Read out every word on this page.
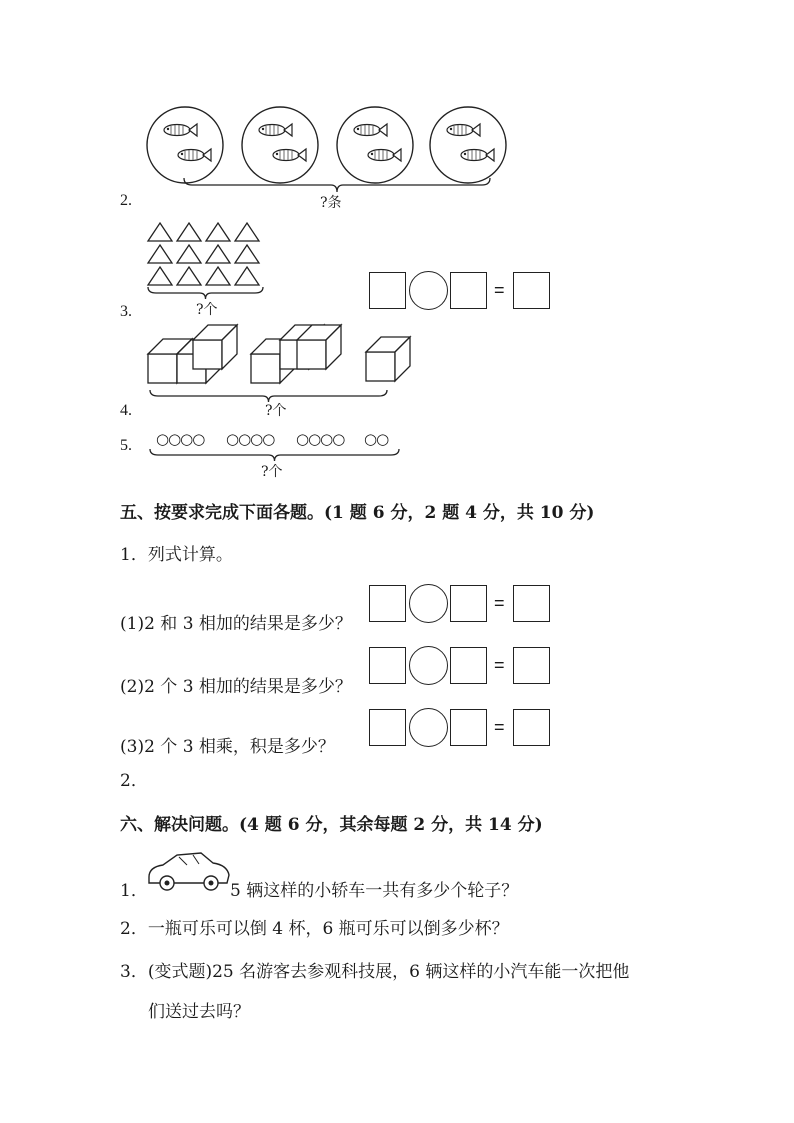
2.	?条
3.	?个
=
4.	?个
5. ○○○○ ○○○○ ○○○○ ○○
?个
五、按要求完成下面各题。(1 题 6 分，2 题 4 分，共 10 分)
1．列式计算。
(1)2 和 3 相加的结果是多少？
=
(2)2 个 3 相加的结果是多少？
=
(3)2 个 3 相乘，积是多少？
=
2．
六、解决问题。(4 题 6 分，其余每题 2 分，共 14 分)
1．	5 辆这样的小轿车一共有多少个轮子？
2．一瓶可乐可以倒 4 杯，6 瓶可乐可以倒多少杯？
3．(变式题)25 名游客去参观科技展，6 辆这样的小汽车能一次把他
们送过去吗？
